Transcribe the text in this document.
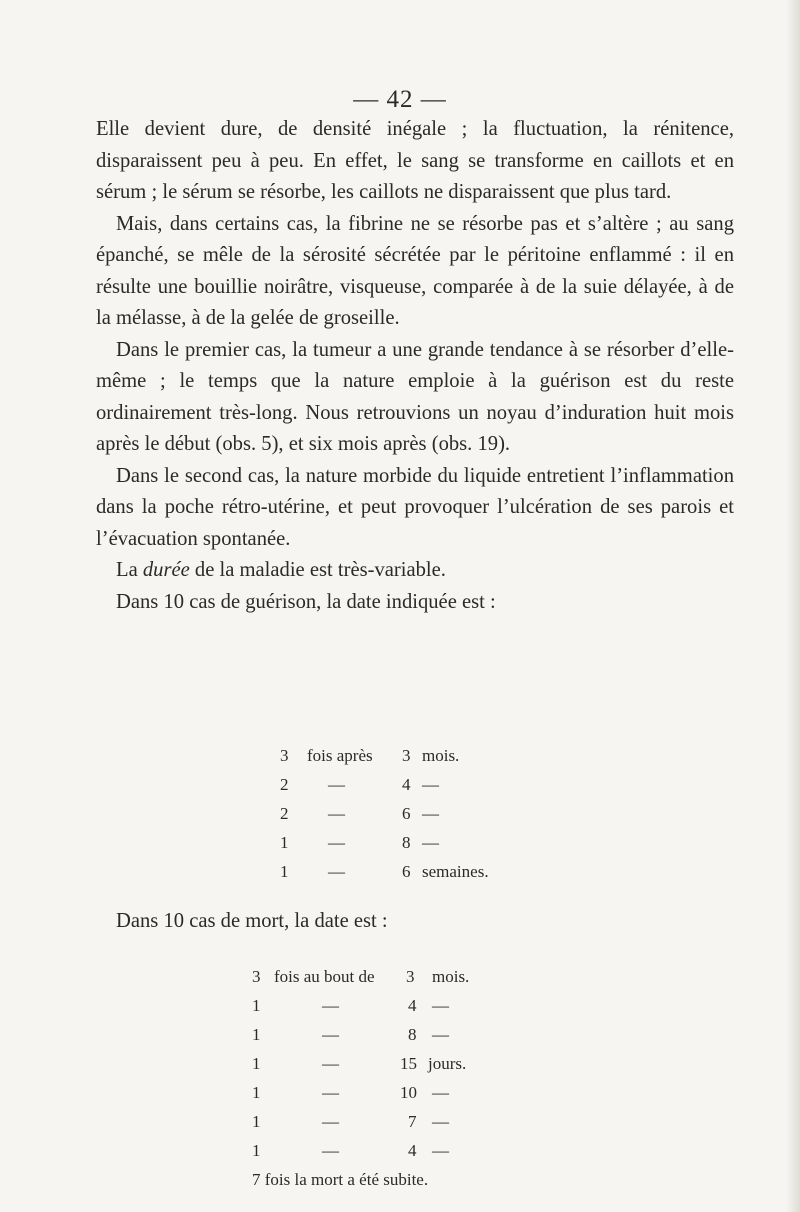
— 42 —

Elle devient dure, de densité inégale ; la fluctuation, la rénitence, disparaissent peu à peu. En effet, le sang se transforme en caillots et en sérum ; le sérum se résorbe, les caillots ne disparaissent que plus tard.

Mais, dans certains cas, la fibrine ne se résorbe pas et s’altère ; au sang épanché, se mêle de la sérosité sécrétée par le péritoine enflammé : il en résulte une bouillie noirâtre, visqueuse, comparée à de la suie délayée, à de la mélasse, à de la gelée de groseille.

Dans le premier cas, la tumeur a une grande tendance à se résorber d’elle-même ; le temps que la nature emploie à la guérison est du reste ordinairement très-long. Nous retrouvions un noyau d’induration huit mois après le début (obs. 5), et six mois après (obs. 19).

Dans le second cas, la nature morbide du liquide entretient l’inflammation dans la poche rétro-utérine, et peut provoquer l’ulcération de ses parois et l’évacuation spontanée.

La durée de la maladie est très-variable.

Dans 10 cas de guérison, la date indiquée est :

3 fois après 3 mois.
2 —	4 —
2 —	6 —
1 —	8 —
1 —	6 semaines.
Dans 10 cas de mort, la date est :
3 fois au bout de 3 mois.
1	—	4 —
1	—	8 —
1	—	15 jours.
1	—	10 —
1	—	7 —
1	—	4 —
7 fois la mort a été subite.
